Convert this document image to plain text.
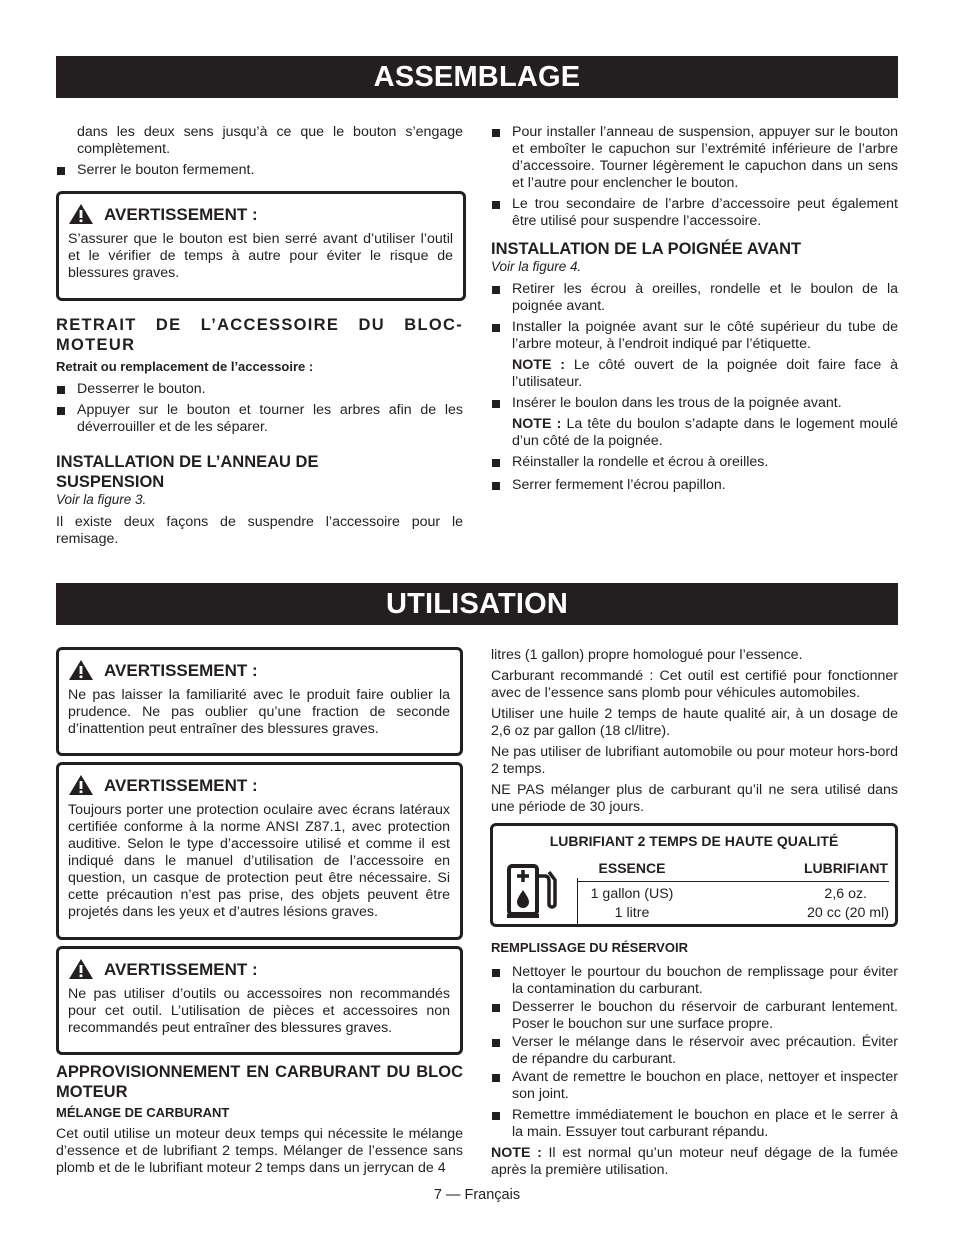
ASSEMBLAGE

dans les deux sens jusqu’à ce que le bouton s’engage complètement.

Serrer le bouton fermement.

AVERTISSEMENT :

S’assurer que le bouton est bien serré avant d’utiliser l’outil et le vérifier de temps à autre pour éviter le risque de blessures graves.

RETRAIT DE L’ACCESSOIRE DU BLOC-MOTEUR

Retrait ou remplacement de l’accessoire :

Desserrer le bouton.

Appuyer sur le bouton et tourner les arbres afin de les déverrouiller et de les séparer.

INSTALLATION DE L’ANNEAU DE SUSPENSION

Voir la figure 3.

Il existe deux façons de suspendre l’accessoire pour le remisage.

Pour installer l’anneau de suspension, appuyer sur le bouton et emboîter le capuchon sur l’extrémité inférieure de l’arbre d’accessoire. Tourner légèrement le capuchon dans un sens et l’autre pour enclencher le bouton.

Le trou secondaire de l’arbre d’accessoire peut également être utilisé pour suspendre l’accessoire.

INSTALLATION DE LA POIGNÉE AVANT

Voir la figure 4.

Retirer les écrou à oreilles, rondelle et le boulon de la poignée avant.

Installer la poignée avant sur le côté supérieur du tube de l’arbre moteur, à l’endroit indiqué par l’étiquette.

NOTE : Le côté ouvert de la poignée doit faire face à l’utilisateur.

Insérer le boulon dans les trous de la poignée avant.

NOTE : La tête du boulon s’adapte dans le logement moulé d’un côté de la poignée.

Réinstaller la rondelle et écrou à oreilles.

Serrer fermement l’écrou papillon.

UTILISATION
AVERTISSEMENT :

Ne pas laisser la familiarité avec le produit faire oublier la prudence. Ne pas oublier qu’une fraction de seconde d’inattention peut entraîner des blessures graves.

AVERTISSEMENT :

Toujours porter une protection oculaire avec écrans latéraux certifiée conforme à la norme ANSI Z87.1, avec protection auditive. Selon le type d’accessoire utilisé et comme il est indiqué dans le manuel d’utilisation de l’accessoire en question, un casque de protection peut être nécessaire. Si cette précaution n’est pas prise, des objets peuvent être projetés dans les yeux et d’autres lésions graves.

AVERTISSEMENT :

Ne pas utiliser d’outils ou accessoires non recommandés pour cet outil. L’utilisation de pièces et accessoires non recommandés peut entraîner des blessures graves.

APPROVISIONNEMENT EN CARBURANT DU BLOC MOTEUR

MÉLANGE DE CARBURANT

Cet outil utilise un moteur deux temps qui nécessite le mélange d’essence et de lubrifiant 2 temps. Mélanger de l’essence sans plomb et de le lubrifiant moteur 2 temps dans un jerrycan de 4

litres (1 gallon) propre homologué pour l’essence.

Carburant recommandé : Cet outil est certifié pour fonctionner avec de l’essence sans plomb pour véhicules automobiles.

Utiliser une huile 2 temps de haute qualité air, à un dosage de 2,6 oz par gallon (18 cl/litre).

Ne pas utiliser de lubrifiant automobile ou pour moteur hors-bord 2 temps.

NE PAS mélanger plus de carburant qu’il ne sera utilisé dans une période de 30 jours.

LUBRIFIANT 2 TEMPS DE HAUTE QUALITÉ
ESSENCE	LUBRIFIANT
1 gallon (US)	2,6 oz.
1 litre	20 cc (20 ml)

REMPLISSAGE DU RÉSERVOIR

Nettoyer le pourtour du bouchon de remplissage pour éviter la contamination du carburant.

Desserrer le bouchon du réservoir de carburant lentement. Poser le bouchon sur une surface propre.

Verser le mélange dans le réservoir avec précaution. Éviter de répandre du carburant.

Avant de remettre le bouchon en place, nettoyer et inspecter son joint.

Remettre immédiatement le bouchon en place et le serrer à la main. Essuyer tout carburant répandu.

NOTE : Il est normal qu’un moteur neuf dégage de la fumée après la première utilisation.

7 — Français
